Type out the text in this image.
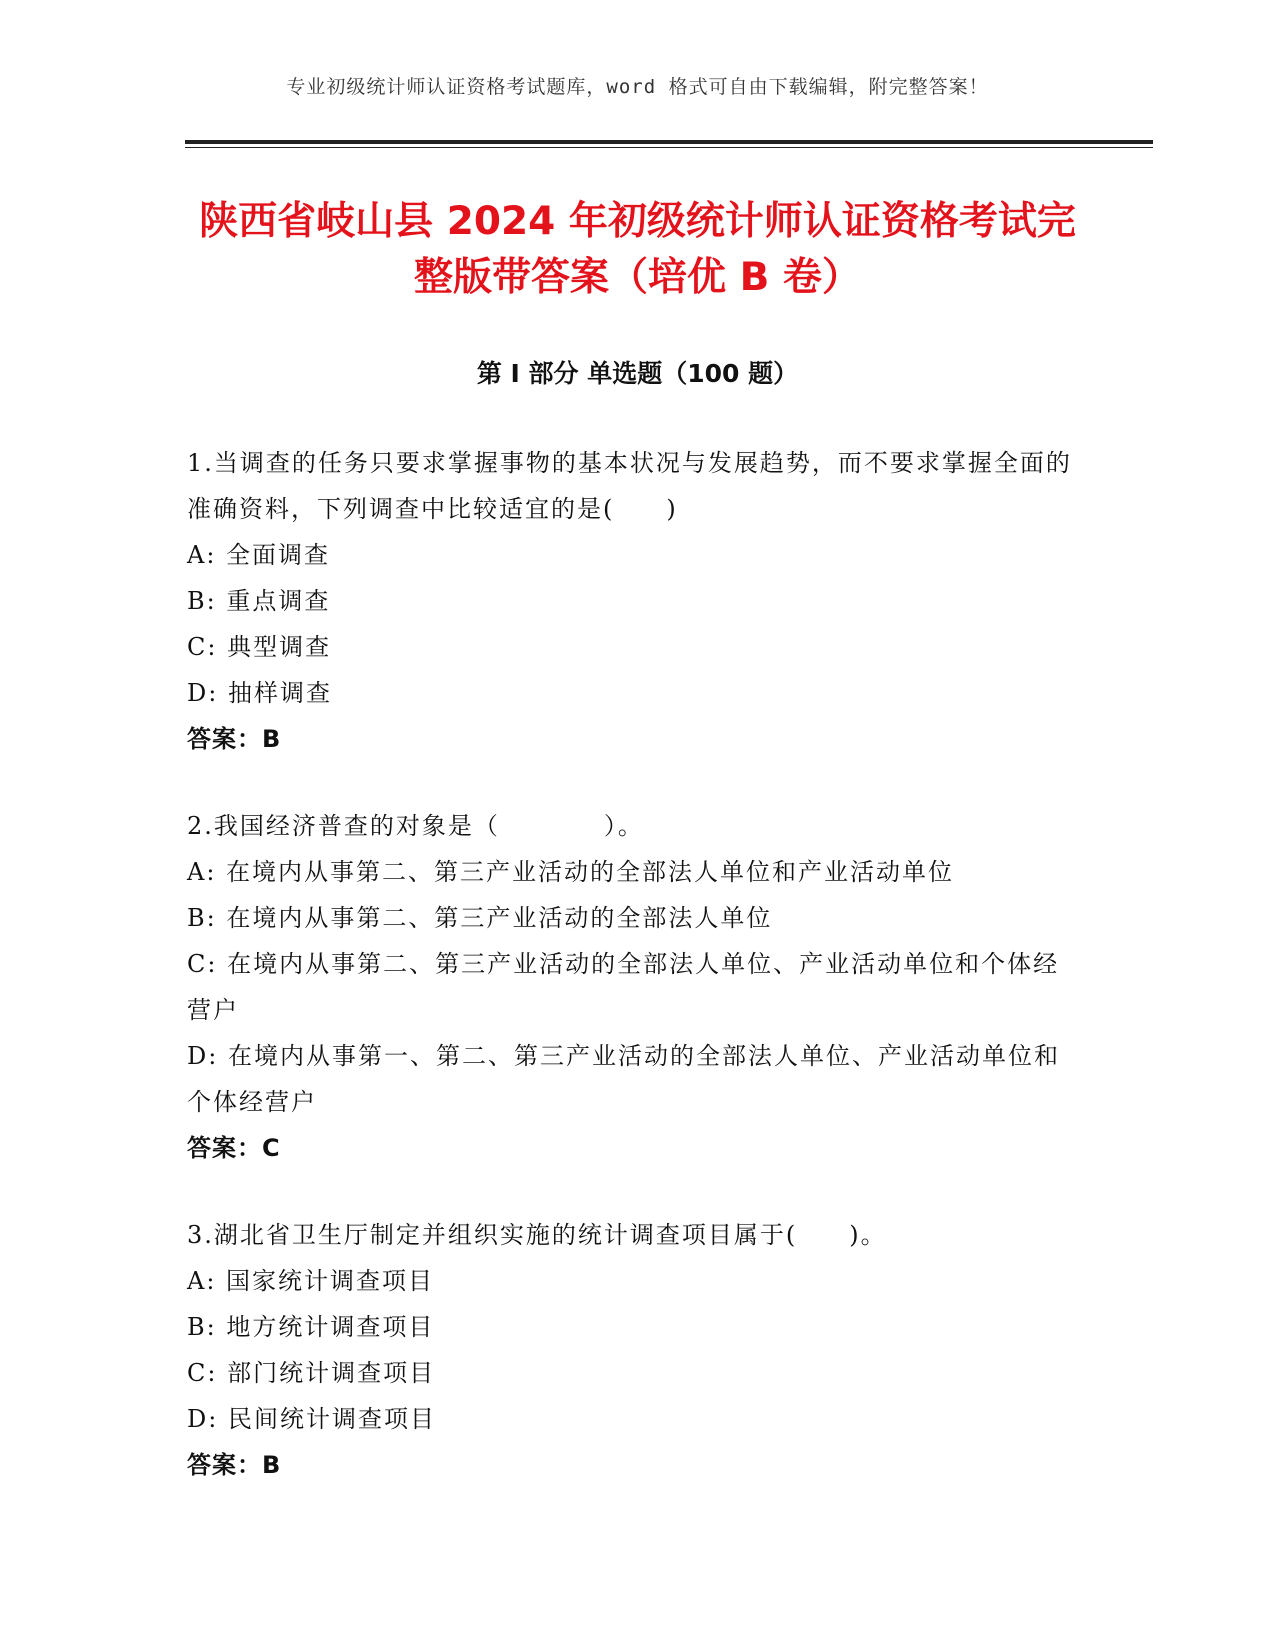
专业初级统计师认证资格考试题库，word 格式可自由下载编辑，附完整答案！
陕西省岐山县 2024 年初级统计师认证资格考试完整版带答案（培优 B 卷）
第 I 部分 单选题（100 题）
1.当调查的任务只要求掌握事物的基本状况与发展趋势，而不要求掌握全面的准确资料，下列调查中比较适宜的是(　　)
A: 全面调查
B: 重点调查
C: 典型调查
D: 抽样调查
答案：B
2.我国经济普查的对象是（　　　　）。
A: 在境内从事第二、第三产业活动的全部法人单位和产业活动单位
B: 在境内从事第二、第三产业活动的全部法人单位
C: 在境内从事第二、第三产业活动的全部法人单位、产业活动单位和个体经营户
D: 在境内从事第一、第二、第三产业活动的全部法人单位、产业活动单位和个体经营户
答案：C
3.湖北省卫生厅制定并组织实施的统计调查项目属于(　　)。
A: 国家统计调查项目
B: 地方统计调查项目
C: 部门统计调查项目
D: 民间统计调查项目
答案：B
